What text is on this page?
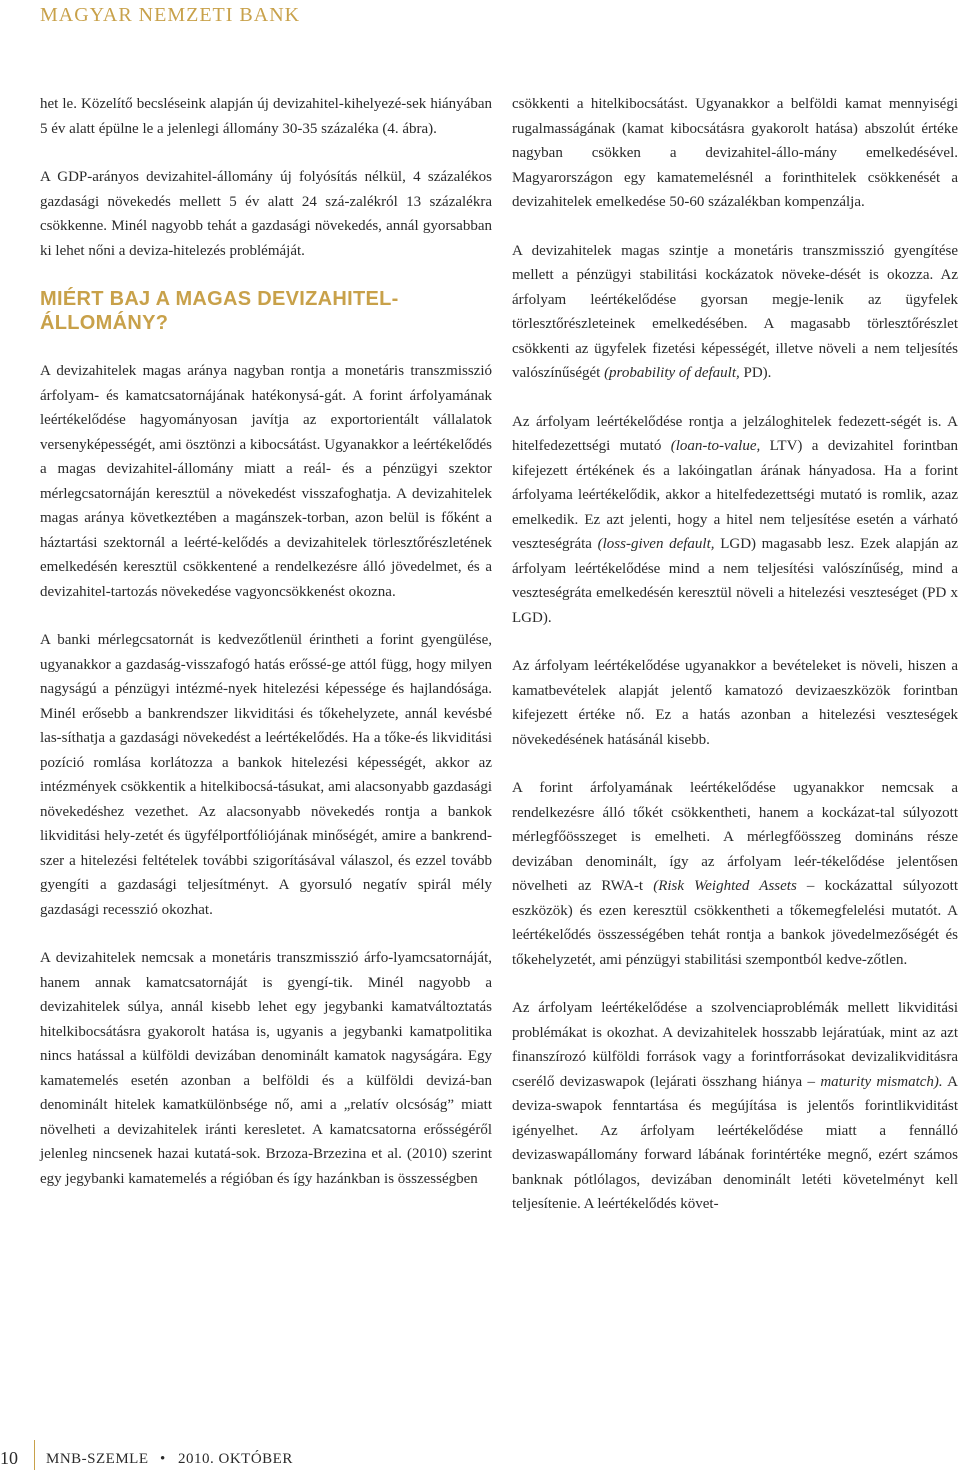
MAGYAR NEMZETI BANK

het le. Közelítő becsléseink alapján új devizahitel-kihelyezé-sek hiányában 5 év alatt épülne le a jelenlegi állomány 30-35 százaléka (4. ábra).

A GDP-arányos devizahitel-állomány új folyósítás nélkül, 4 százalékos gazdasági növekedés mellett 5 év alatt 24 szá-zalékról 13 százalékra csökkenne. Minél nagyobb tehát a gazdasági növekedés, annál gyorsabban ki lehet nőni a deviza-hitelezés problémáját.

MIÉRT BAJ A MAGAS DEVIZAHITEL-ÁLLOMÁNY?

A devizahitelek magas aránya nagyban rontja a monetáris transzmisszió árfolyam- és kamatcsatornájának hatékonysá-gát. A forint árfolyamának leértékelődése hagyományosan javítja az exportorientált vállalatok versenyképességét, ami ösztönzi a kibocsátást. Ugyanakkor a leértékelődés a magas devizahitel-állomány miatt a reál- és a pénzügyi szektor mérlegcsatornáján keresztül a növekedést visszafoghatja. A devizahitelek magas aránya következtében a magánszek-torban, azon belül is főként a háztartási szektornál a leérté-kelődés a devizahitelek törlesztőrészletének emelkedésén keresztül csökkentené a rendelkezésre álló jövedelmet, és a devizahitel-tartozás növekedése vagyoncsökkenést okozna.

A banki mérlegcsatornát is kedvezőtlenül érintheti a forint gyengülése, ugyanakkor a gazdaság-visszafogó hatás erőssé-ge attól függ, hogy milyen nagyságú a pénzügyi intézmé-nyek hitelezési képessége és hajlandósága. Minél erősebb a bankrendszer likviditási és tőkehelyzete, annál kevésbé las-síthatja a gazdasági növekedést a leértékelődés. Ha a tőke-és likviditási pozíció romlása korlátozza a bankok hitelezési képességét, akkor az intézmények csökkentik a hitelkibocsá-tásukat, ami alacsonyabb gazdasági növekedéshez vezethet. Az alacsonyabb növekedés rontja a bankok likviditási hely-zetét és ügyfélportfóliójának minőségét, amire a bankrend-szer a hitelezési feltételek további szigorításával válaszol, és ezzel tovább gyengíti a gazdasági teljesítményt. A gyorsuló negatív spirál mély gazdasági recesszió okozhat.

A devizahitelek nemcsak a monetáris transzmisszió árfo-lyamcsatornáját, hanem annak kamatcsatornáját is gyengí-tik. Minél nagyobb a devizahitelek súlya, annál kisebb lehet egy jegybanki kamatváltoztatás hitelkibocsátásra gyakorolt hatása is, ugyanis a jegybanki kamatpolitika nincs hatással a külföldi devizában denominált kamatok nagyságára. Egy kamatemelés esetén azonban a belföldi és a külföldi devizá-ban denominált hitelek kamatkülönbsége nő, ami a „relatív olcsóság” miatt növelheti a devizahitelek iránti keresletet. A kamatcsatorna erősségéről jelenleg nincsenek hazai kutatá-sok. Brzoza-Brzezina et al. (2010) szerint egy jegybanki kamatemelés a régióban és így hazánkban is összességben

csökkenti a hitelkibocsátást. Ugyanakkor a belföldi kamat mennyiségi rugalmasságának (kamat kibocsátásra gyakorolt hatása) abszolút értéke nagyban csökken a devizahitel-állo-mány emelkedésével. Magyarországon egy kamatemelésnél a forinthitelek csökkenését a devizahitelek emelkedése 50-60 százalékban kompenzálja.

A devizahitelek magas szintje a monetáris transzmisszió gyengítése mellett a pénzügyi stabilitási kockázatok növeke-dését is okozza. Az árfolyam leértékelődése gyorsan megje-lenik az ügyfelek törlesztőrészleteinek emelkedésében. A magasabb törlesztőrészlet csökkenti az ügyfelek fizetési képességét, illetve növeli a nem teljesítés valószínűségét (probability of default, PD).

Az árfolyam leértékelődése rontja a jelzáloghitelek fedezett-ségét is. A hitelfedezettségi mutató (loan-to-value, LTV) a devizahitel forintban kifejezett értékének és a lakóingatlan árának hányadosa. Ha a forint árfolyama leértékelődik, akkor a hitelfedezettségi mutató is romlik, azaz emelkedik. Ez azt jelenti, hogy a hitel nem teljesítése esetén a várható veszteségráta (loss-given default, LGD) magasabb lesz. Ezek alapján az árfolyam leértékelődése mind a nem teljesítési valószínűség, mind a veszteségráta emelkedésén keresztül növeli a hitelezési veszteséget (PD x LGD).

Az árfolyam leértékelődése ugyanakkor a bevételeket is növeli, hiszen a kamatbevételek alapját jelentő kamatozó devizaeszközök forintban kifejezett értéke nő. Ez a hatás azonban a hitelezési veszteségek növekedésének hatásánál kisebb.

A forint árfolyamának leértékelődése ugyanakkor nemcsak a rendelkezésre álló tőkét csökkentheti, hanem a kockázat-tal súlyozott mérlegfőösszeget is emelheti. A mérlegfőösszeg domináns része devizában denominált, így az árfolyam leér-tékelődése jelentősen növelheti az RWA-t (Risk Weighted Assets – kockázattal súlyozott eszközök) és ezen keresztül csökkentheti a tőkemegfelelési mutatót. A leértékelődés összességében tehát rontja a bankok jövedelmezőségét és tőkehelyzetét, ami pénzügyi stabilitási szempontból kedve-zőtlen.

Az árfolyam leértékelődése a szolvenciaproblémák mellett likviditási problémákat is okozhat. A devizahitelek hosszabb lejáratúak, mint az azt finanszírozó külföldi források vagy a forintforrásokat devizalikviditásra cserélő devizaswapok (lejárati összhang hiánya – maturity mismatch). A deviza-swapok fenntartása és megújítása is jelentős forintlikviditást igényelhet. Az árfolyam leértékelődése miatt a fennálló devizaswapállomány forward lábának forintértéke megnő, ezért számos banknak pótlólagos, devizában denominált letéti követelményt kell teljesítenie. A leértékelődés követ-

10 MNB-SZEMLE • 2010. OKTÓBER
